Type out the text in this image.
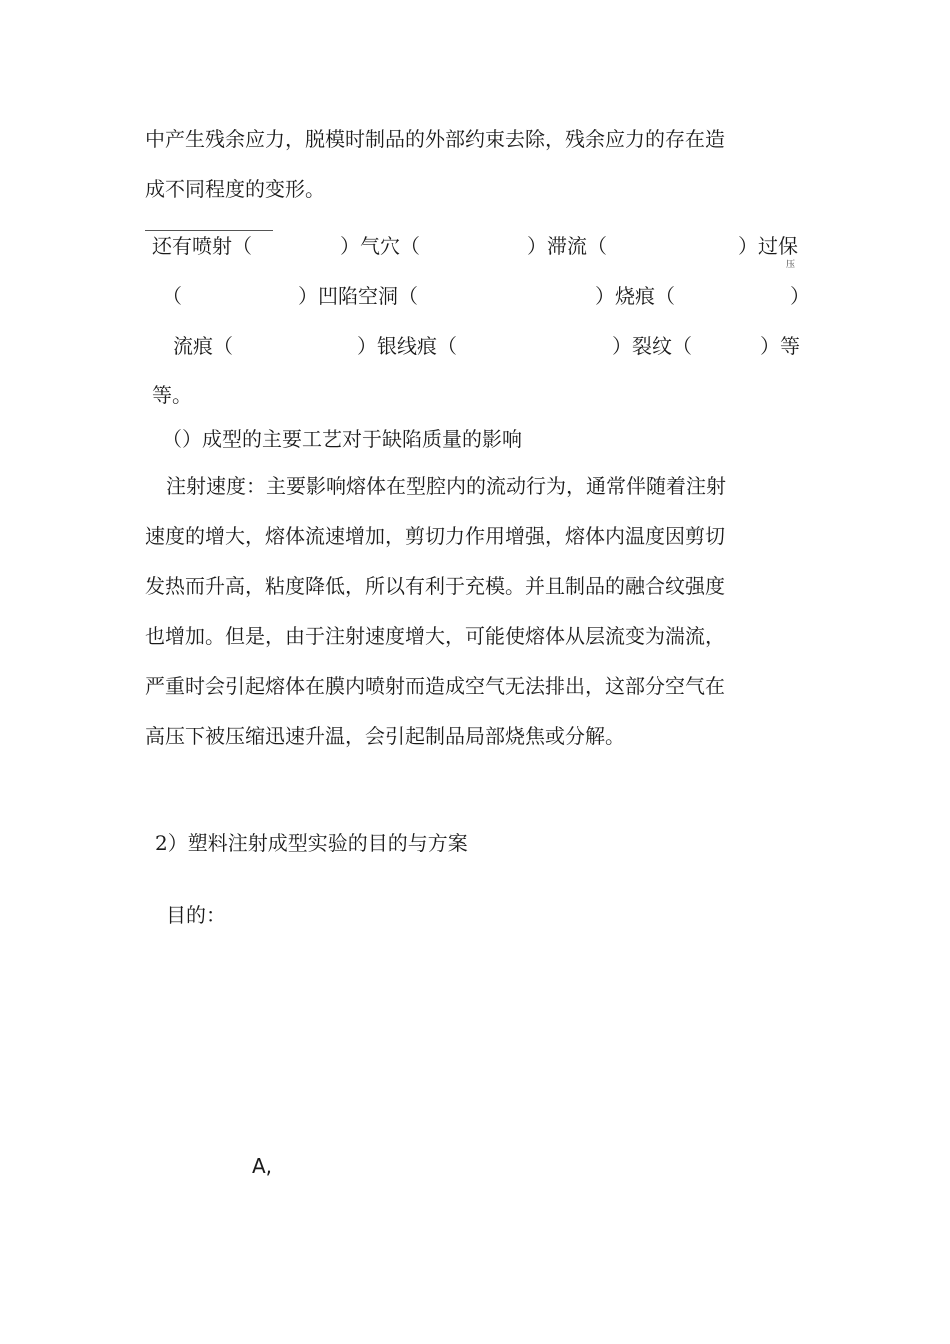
中产生残余应力，脱模时制品的外部约束去除，残余应力的存在造
成不同程度的变形。
还有喷射（	）气穴（	）滞流（	）过保
压
（	）凹陷空洞（	）烧痕（	）
流痕（	）银线痕（	）裂纹（	）等
等。
（）成型的主要工艺对于缺陷质量的影响
注射速度：主要影响熔体在型腔内的流动行为，通常伴随着注射
速度的增大，熔体流速增加，剪切力作用增强，熔体内温度因剪切
发热而升高，粘度降低，所以有利于充模。并且制品的融合纹强度
也增加。但是，由于注射速度增大，可能使熔体从层流变为湍流，
严重时会引起熔体在膜内喷射而造成空气无法排出，这部分空气在
高压下被压缩迅速升温，会引起制品局部烧焦或分解。
2）塑料注射成型实验的目的与方案
目的：
A,
